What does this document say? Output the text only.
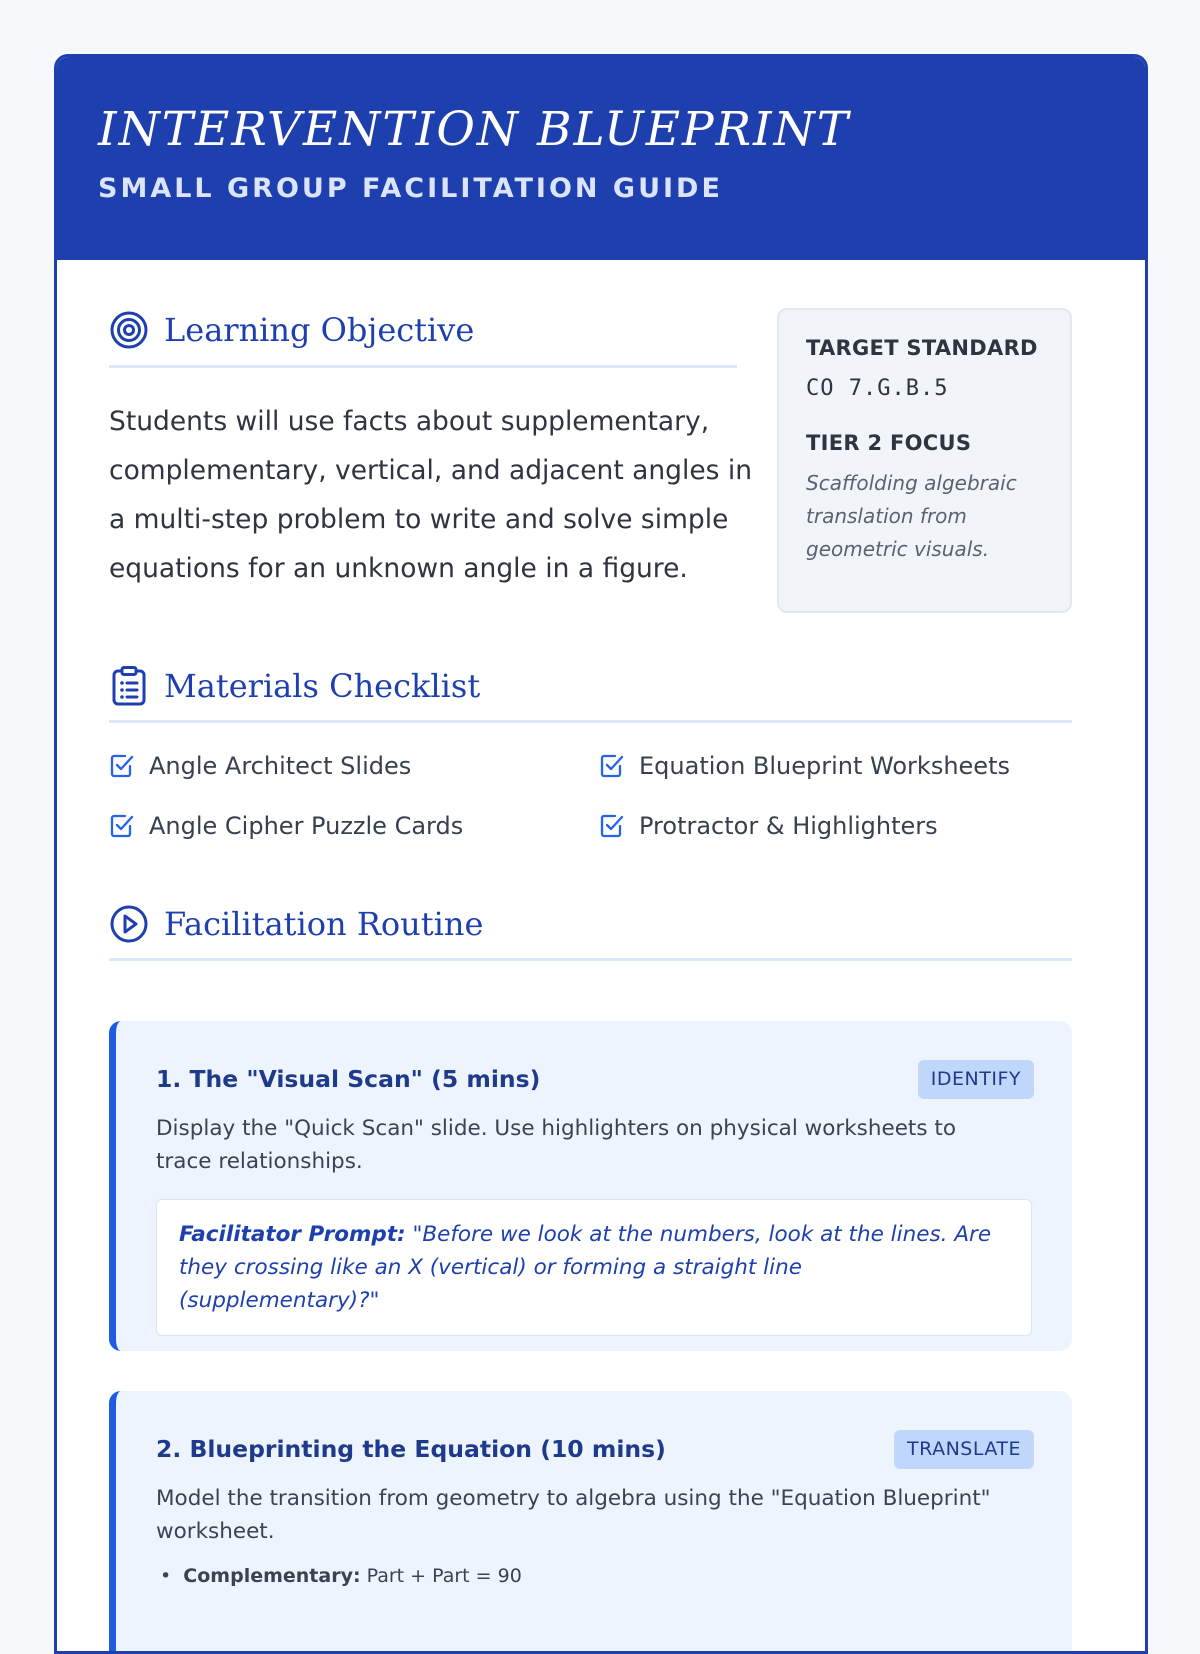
INTERVENTION BLUEPRINT
SMALL GROUP FACILITATION GUIDE
Learning Objective

Students will use facts about supplementary, complementary, vertical, and adjacent angles in a multi-step problem to write and solve simple equations for an unknown angle in a figure.

TARGET STANDARD
CO 7.G.B.5
TIER 2 FOCUS
Scaffolding algebraic translation from geometric visuals.
Materials Checklist
Angle Architect Slides	Equation Blueprint Worksheets
Angle Cipher Puzzle Cards	Protractor & Highlighters
Facilitation Routine
1. The "Visual Scan" (5 mins)	IDENTIFY
Display the "Quick Scan" slide. Use highlighters on physical worksheets to trace relationships.
Facilitator Prompt: "Before we look at the numbers, look at the lines. Are they crossing like an X (vertical) or forming a straight line (supplementary)?"
2. Blueprinting the Equation (10 mins)	TRANSLATE
Model the transition from geometry to algebra using the "Equation Blueprint" worksheet.
•  Complementary: Part + Part = 90
